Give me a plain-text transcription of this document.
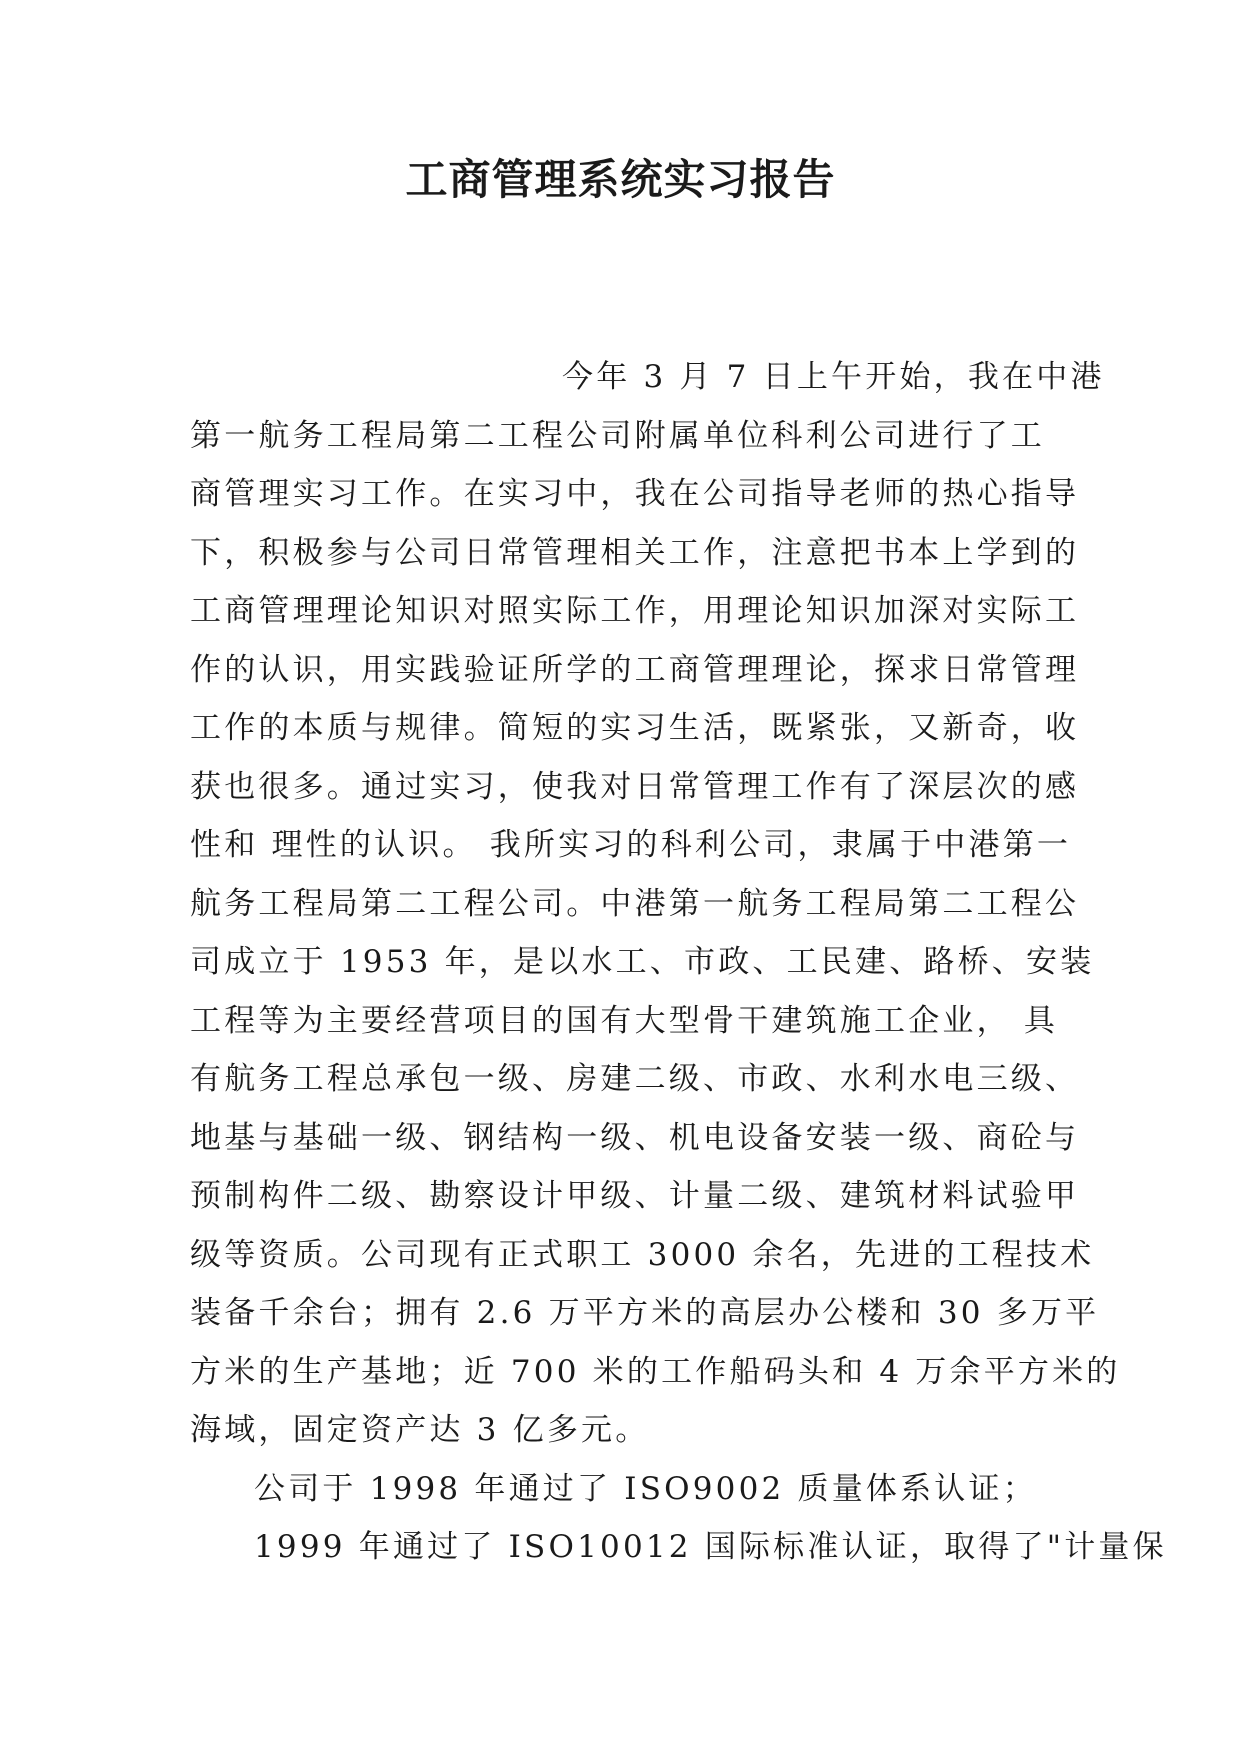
工商管理系统实习报告
今年 3 月 7 日上午开始，我在中港
第一航务工程局第二工程公司附属单位科利公司进行了工
商管理实习工作。在实习中，我在公司指导老师的热心指导
下，积极参与公司日常管理相关工作，注意把书本上学到的
工商管理理论知识对照实际工作，用理论知识加深对实际工
作的认识，用实践验证所学的工商管理理论，探求日常管理
工作的本质与规律。简短的实习生活，既紧张，又新奇，收
获也很多。通过实习，使我对日常管理工作有了深层次的感
性和 理性的认识。 我所实习的科利公司，隶属于中港第一
航务工程局第二工程公司。中港第一航务工程局第二工程公
司成立于 1953 年，是以水工、市政、工民建、路桥、安装
工程等为主要经营项目的国有大型骨干建筑施工企业， 具
有航务工程总承包一级、房建二级、市政、水利水电三级、
地基与基础一级、钢结构一级、机电设备安装一级、商砼与
预制构件二级、勘察设计甲级、计量二级、建筑材料试验甲
级等资质。公司现有正式职工 3000 余名，先进的工程技术
装备千余台；拥有 2.6 万平方米的高层办公楼和 30 多万平
方米的生产基地；近 700 米的工作船码头和 4 万余平方米的
海域，固定资产达 3 亿多元。
公司于 1998 年通过了 ISO9002 质量体系认证；
1999 年通过了 ISO10012 国际标准认证，取得了"计量保
